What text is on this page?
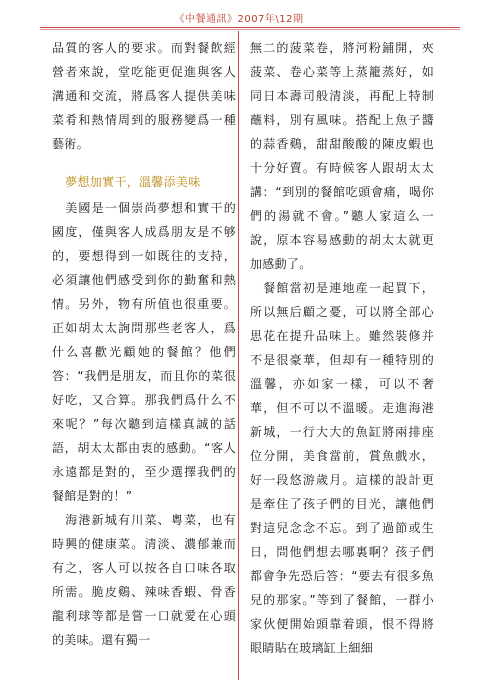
《中餐通訊》2007年\12期

品質的客人的要求。而對餐飲經營者來說，堂吃能更促進與客人溝通和交流，將爲客人提供美味菜肴和熱情周到的服務變爲一種藝術。

夢想加實干，溫馨添美味

美國是一個崇尚夢想和實干的國度，僅與客人成爲朋友是不够的，要想得到一如既往的支持，必須讓他們感受到你的勤奮和熱情。另外，物有所值也很重要。正如胡太太詢問那些老客人，爲什么喜歡光顧她的餐館？他們答：“我們是朋友，而且你的菜很好吃，又合算。那我們爲什么不來呢？”每次聽到這樣真誠的話語，胡太太都由衷的感動。“客人永遠都是對的，至少選擇我們的餐館是對的！”

海港新城有川菜、粵菜，也有時興的健康菜。清淡、濃郁兼而有之，客人可以按各自口味各取所需。脆皮鷄、辣味香蝦、骨香龍利球等都是嘗一口就愛在心頭的美味。還有獨一

無二的菠菜卷，將河粉鋪開，夾菠菜、卷心菜等上蒸籠蒸好，如同日本壽司般清淡，再配上特制蘸料，別有風味。搭配上魚子醬的蒜香鷄，甜甜酸酸的陳皮蝦也十分好賣。有時候客人跟胡太太講：“到別的餐館吃頭會痛，喝你們的湯就不會。”聽人家這么一說，原本容易感動的胡太太就更加感動了。

餐館當初是連地産一起買下，所以無后顧之憂，可以將全部心思花在提升品味上。雖然裝修并不是很豪華，但却有一種特別的溫馨，亦如家一樣，可以不奢華，但不可以不溫暖。走進海港新城，一行大大的魚缸將兩排座位分開，美食當前，賞魚戲水，好一段悠游歲月。這樣的設計更是牽住了孩子們的目光，讓他們對這兒念念不忘。到了過節或生日，問他們想去哪裏啊？孩子們都會争先恐后答：“要去有很多魚兒的那家。”等到了餐館，一群小家伙便開始頭靠着頭，恨不得將眼睛貼在玻璃缸上細細
